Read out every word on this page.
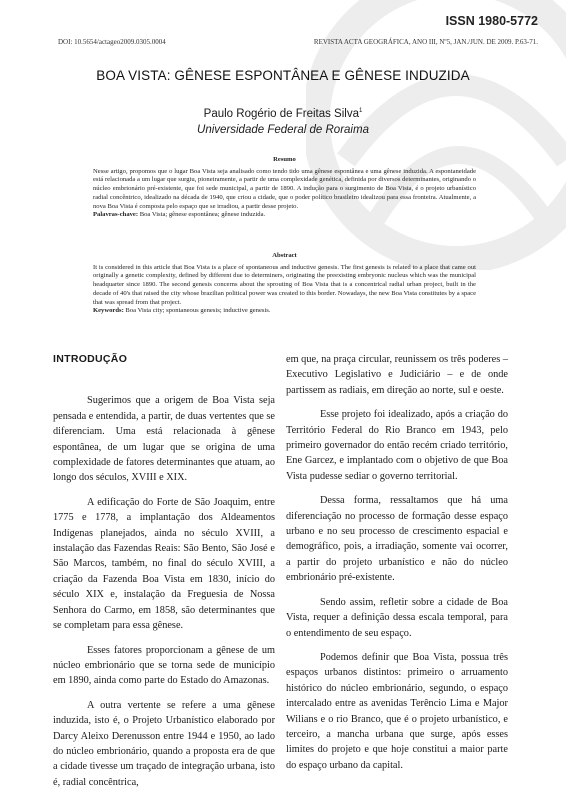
ISSN 1980-5772
DOI: 10.5654/actageo2009.0305.0004	REVISTA ACTA GEOGRÁFICA, ANO III, Nº5, JAN./JUN. DE 2009. P.63-71.
BOA VISTA: GÊNESE ESPONTÂNEA E GÊNESE INDUZIDA
Paulo Rogério de Freitas Silva$^1$
Universidade Federal de Roraima
Resumo

Nesse artigo, propomos que o lugar Boa Vista seja analisado como tendo tido uma gênese espontânea e uma gênese induzida. A espontaneidade está relacionada a um lugar que surgiu, pioneiramente, a partir de uma complexidade genética, definida por diversos determinantes, originando o núcleo embrionário pré-existente, que foi sede municipal, a partir de 1890. A indução para o surgimento de Boa Vista, é o projeto urbanístico radial concêntrico, idealizado na década de 1940, que criou a cidade, que o poder político brasileiro idealizou para essa fronteira. Atualmente, a nova Boa Vista é composta pelo espaço que se irradiou, a partir desse projeto.

Palavras-chave: Boa Vista; gênese espontânea; gênese induzida.

Abstract

It is considered in this article that Boa Vista is a place of spontaneous and inductive genesis. The first genesis is related to a place that came out originally a genetic complexity, defined by different due to determiners, originating the preexisting embryonic nucleus which was the municipal headquarter since 1890. The second genesis concerns about the sprouting of Boa Vista that is a concentrical radial urban project, built in the decade of 40's that raised the city whose brazilian political power was created to this border. Nowadays, the new Boa Vista constitutes by a space that was spread from that project.

Keywords: Boa Vista city; spontaneous genesis; inductive genesis.

INTRODUÇÃO

Sugerimos que a origem de Boa Vista seja pensada e entendida, a partir, de duas vertentes que se diferenciam. Uma está relacionada à gênese espontânea, de um lugar que se origina de uma complexidade de fatores determinantes que atuam, ao longo dos séculos, XVIII e XIX.

A edificação do Forte de São Joaquim, entre 1775 e 1778, a implantação dos Aldeamentos Indígenas planejados, ainda no século XVIII, a instalação das Fazendas Reais: São Bento, São José e São Marcos, também, no final do século XVIII, a criação da Fazenda Boa Vista em 1830, início do século XIX e, instalação da Freguesia de Nossa Senhora do Carmo, em 1858, são determinantes que se completam para essa gênese.

Esses fatores proporcionam a gênese de um núcleo embrionário que se torna sede de município em 1890, ainda como parte do Estado do Amazonas.

A outra vertente se refere a uma gênese induzida, isto é, o Projeto Urbanístico elaborado por Darcy Aleixo Derenusson entre 1944 e 1950, ao lado do núcleo embrionário, quando a proposta era de que a cidade tivesse um traçado de integração urbana, isto é, radial concêntrica,

em que, na praça circular, reunissem os três poderes – Executivo Legislativo e Judiciário – e de onde partissem as radiais, em direção ao norte, sul e oeste.

Esse projeto foi idealizado, após a criação do Território Federal do Rio Branco em 1943, pelo primeiro governador do então recém criado território, Ene Garcez, e implantado com o objetivo de que Boa Vista pudesse sediar o governo territorial.

Dessa forma, ressaltamos que há uma diferenciação no processo de formação desse espaço urbano e no seu processo de crescimento espacial e demográfico, pois, a irradiação, somente vai ocorrer, a partir do projeto urbanístico e não do núcleo embrionário pré-existente.

Sendo assim, refletir sobre a cidade de Boa Vista, requer a definição dessa escala temporal, para o entendimento de seu espaço.

Podemos definir que Boa Vista, possua três espaços urbanos distintos: primeiro o arruamento histórico do núcleo embrionário, segundo, o espaço intercalado entre as avenidas Terêncio Lima e Major Wilians e o rio Branco, que é o projeto urbanístico, e terceiro, a mancha urbana que surge, após esses limites do projeto e que hoje constitui a maior parte do espaço urbano da capital.
